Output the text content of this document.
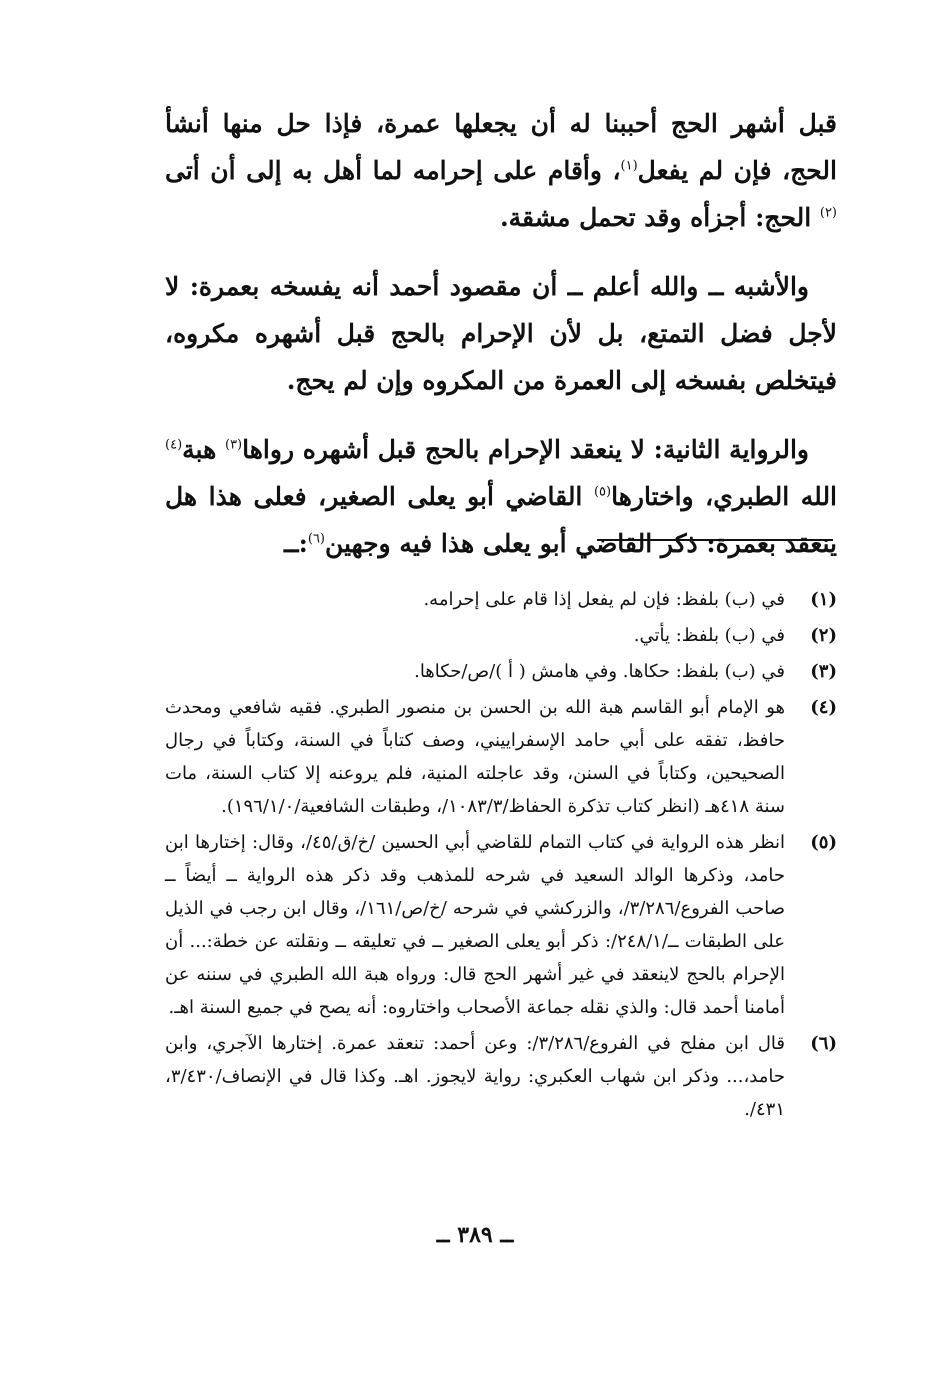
قبل أشهر الحج أحببنا له أن يجعلها عمرة، فإذا حل منها أنشأ الحج، فإن لم يفعل$^{(١)}$، وأقام على إحرامه لما أهل به إلى أن أتى $^{(٢)}$ الحج: أجزأه وقد تحمل مشقة.

والأشبه ــ والله أعلم ــ أن مقصود أحمد أنه يفسخه بعمرة: لا لأجل فضل التمتع، بل لأن الإحرام بالحج قبل أشهره مكروه، فيتخلص بفسخه إلى العمرة من المكروه وإن لم يحج.

والرواية الثانية: لا ينعقد الإحرام بالحج قبل أشهره رواها$^{(٣)}$ هبة$^{(٤)}$ الله الطبري، واختارها$^{(٥)}$ القاضي أبو يعلى الصغير، فعلى هذا هل ينعقد بعمرة: ذكر القاضي أبو يعلى هذا فيه وجهين$^{(٦)}$:ــ

(١)
في (ب) بلفظ: فإن لم يفعل إذا قام على إحرامه.
(٢)
في (ب) بلفظ: يأتي.
(٣)
في (ب) بلفظ: حكاها. وفي هامش ( أ )/ص/حكاها.
(٤)
هو الإمام أبو القاسم هبة الله بن الحسن بن منصور الطبري. فقيه شافعي ومحدث حافظ، تفقه على أبي حامد الإسفراييني، وصف كتاباً في السنة، وكتاباً في رجال الصحيحين، وكتاباً في السنن، وقد عاجلته المنية، فلم يروعنه إلا كتاب السنة، مات سنة ٤١٨هـ (انظر كتاب تذكرة الحفاظ/١٠٨٣/٣/، وطبقات الشافعية/١٩٦/١/٠).
(٥)
انظر هذه الرواية في كتاب التمام للقاضي أبي الحسين /خ/ق/٤٥/، وقال: إختارها ابن حامد، وذكرها الوالد السعيد في شرحه للمذهب وقد ذكر هذه الرواية ــ أيضاً ــ صاحب الفروع/٣/٢٨٦/، والزركشي في شرحه /خ/ص/١٦١/، وقال ابن رجب في الذيل على الطبقات ــ/٢٤٨/١/: ذكر أبو يعلى الصغير ــ في تعليقه ــ ونقلته عن خطة:... أن الإحرام بالحج لاينعقد في غير أشهر الحج قال: ورواه هبة الله الطبري في سننه عن أمامنا أحمد قال: والذي نقله جماعة الأصحاب واختاروه: أنه يصح في جميع السنة اهـ.
(٦)
قال ابن مفلح في الفروع/٣/٢٨٦/: وعن أحمد: تنعقد عمرة. إختارها الآجري، وابن حامد،... وذكر ابن شهاب العكبري: رواية لايجوز. اهـ. وكذا قال في الإنصاف/٣/٤٣٠، ٤٣١/.
ــ ٣٨٩ ــ
